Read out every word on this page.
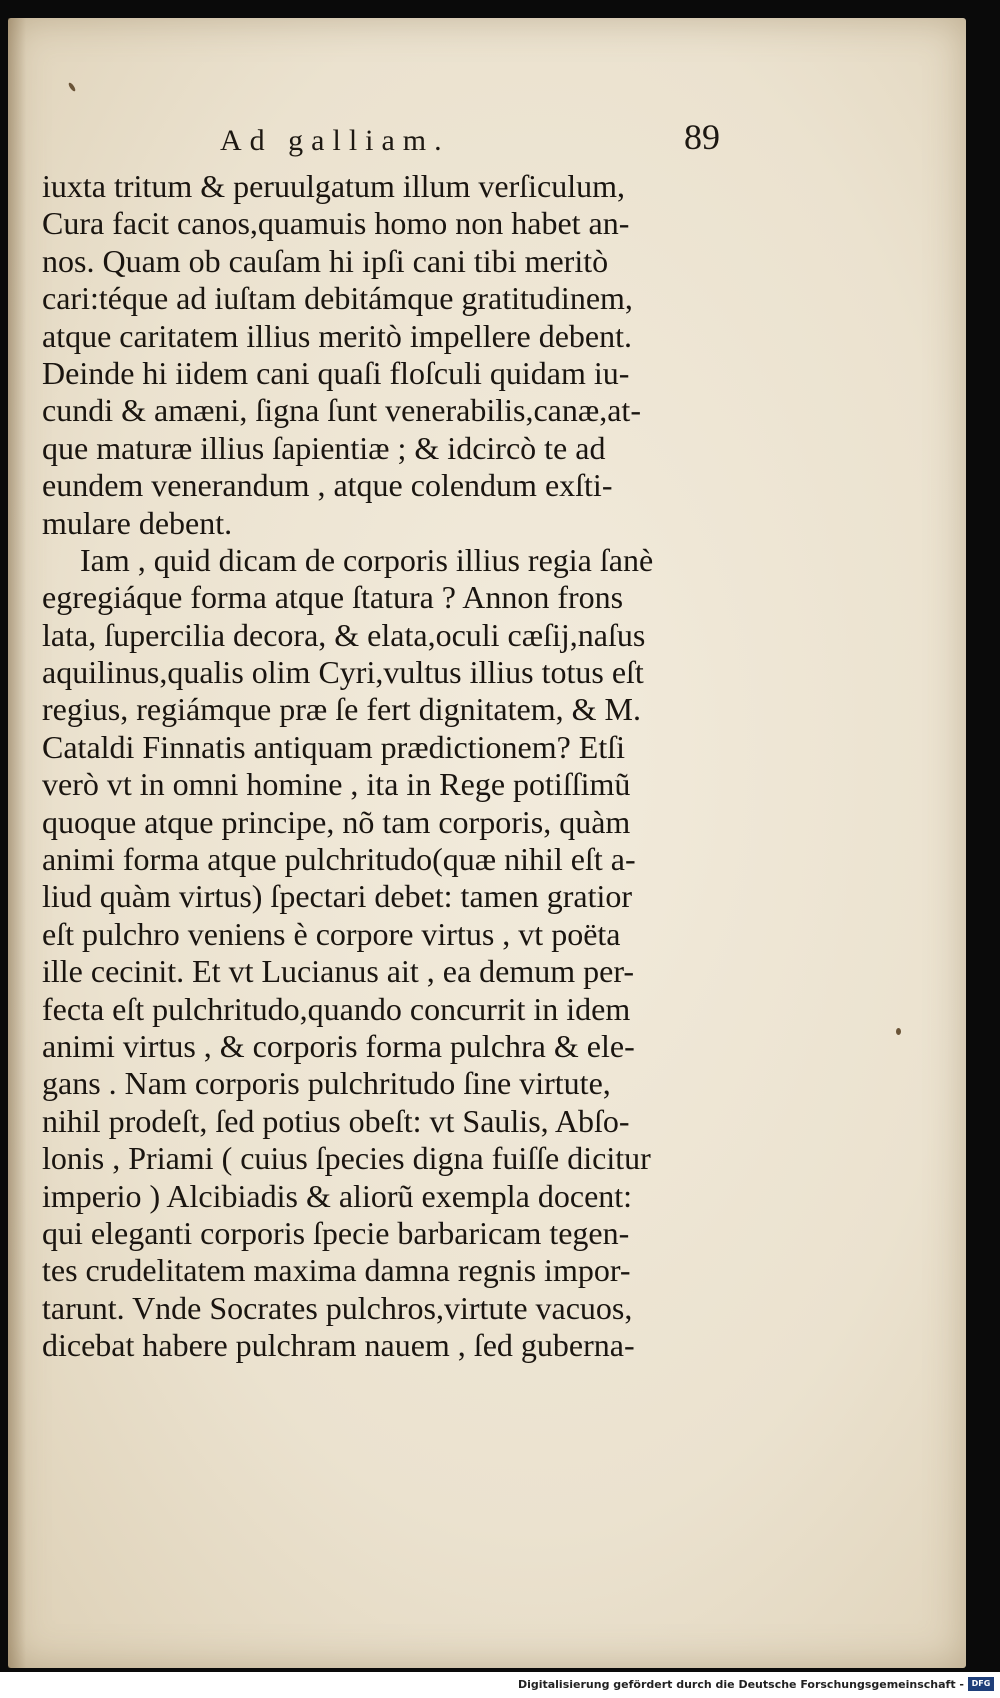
Ad galliam.	89
iuxta tritum & peruulgatum illum verſiculum,
Cura facit canos,quamuis homo non habet an-
nos. Quam ob cauſam hi ipſi cani tibi meritò
cari:téque ad iuſtam debitámque gratitudinem,
atque caritatem illius meritò impellere debent.
Deinde hi iidem cani quaſi floſculi quidam iu-
cundi & amæni, ſigna ſunt venerabilis,canæ,at-
que maturæ illius ſapientiæ ; & idcircò te ad
eundem venerandum , atque colendum exſti-
mulare debent.
Iam , quid dicam de corporis illius regia ſanè
egregiáque forma atque ſtatura ? Annon frons
lata, ſupercilia decora, & elata,oculi cæſij,naſus
aquilinus,qualis olim Cyri,vultus illius totus eſt
regius, regiámque præ ſe fert dignitatem, & M.
Cataldi Finnatis antiquam prædictionem? Etſi
verò vt in omni homine , ita in Rege potiſſimũ
quoque atque principe, nõ tam corporis, quàm
animi forma atque pulchritudo(quæ nihil eſt a-
liud quàm virtus) ſpectari debet: tamen gratior
eſt pulchro veniens è corpore virtus , vt poëta
ille cecinit. Et vt Lucianus ait , ea demum per-
fecta eſt pulchritudo,quando concurrit in idem
animi virtus , & corporis forma pulchra & ele-
gans . Nam corporis pulchritudo ſine virtute,
nihil prodeſt, ſed potius obeſt: vt Saulis, Abſo-
lonis , Priami ( cuius ſpecies digna fuiſſe dicitur
imperio ) Alcibiadis & aliorũ exempla docent:
qui eleganti corporis ſpecie barbaricam tegen-
tes crudelitatem maxima damna regnis impor-
tarunt. Vnde Socrates pulchros,virtute vacuos,
dicebat habere pulchram nauem , ſed guberna-
Digitalisierung gefördert durch die Deutsche Forschungsgemeinschaft - DFG
